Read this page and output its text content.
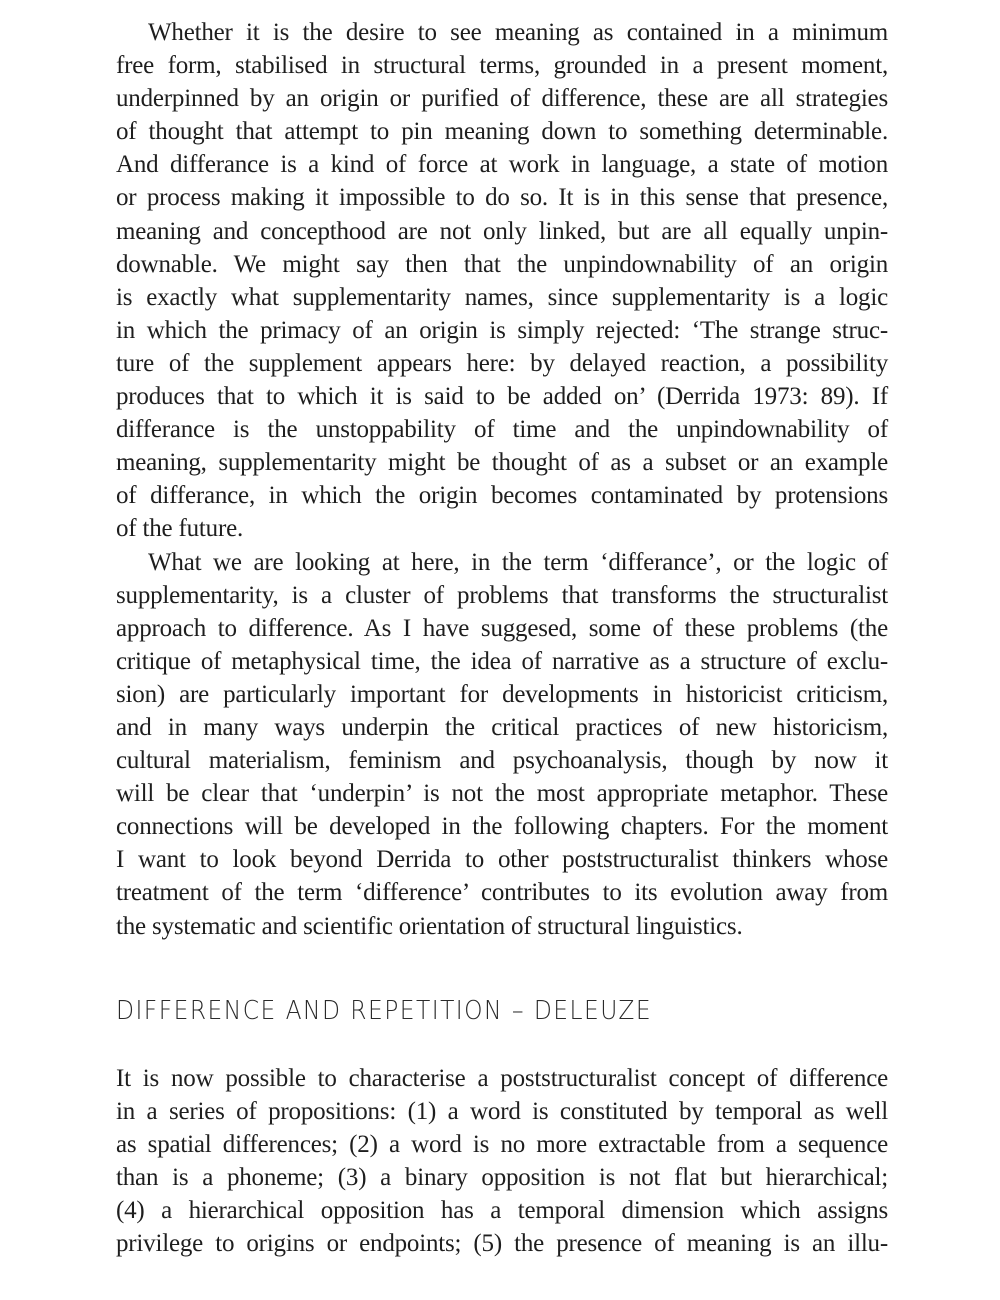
Whether it is the desire to see meaning as contained in a minimum
free form, stabilised in structural terms, grounded in a present moment,
underpinned by an origin or purified of difference, these are all strategies
of thought that attempt to pin meaning down to something determinable.
And differance is a kind of force at work in language, a state of motion
or process making it impossible to do so. It is in this sense that presence,
meaning and concepthood are not only linked, but are all equally unpin-
downable. We might say then that the unpindownability of an origin
is exactly what supplementarity names, since supplementarity is a logic
in which the primacy of an origin is simply rejected: ‘The strange struc-
ture of the supplement appears here: by delayed reaction, a possibility
produces that to which it is said to be added on’ (Derrida 1973: 89). If
differance is the unstoppability of time and the unpindownability of
meaning, supplementarity might be thought of as a subset or an example
of differance, in which the origin becomes contaminated by protensions
of the future.
What we are looking at here, in the term ‘differance’, or the logic of
supplementarity, is a cluster of problems that transforms the structuralist
approach to difference. As I have suggesed, some of these problems (the
critique of metaphysical time, the idea of narrative as a structure of exclu-
sion) are particularly important for developments in historicist criticism,
and in many ways underpin the critical practices of new historicism,
cultural materialism, feminism and psychoanalysis, though by now it
will be clear that ‘underpin’ is not the most appropriate metaphor. These
connections will be developed in the following chapters. For the moment
I want to look beyond Derrida to other poststructuralist thinkers whose
treatment of the term ‘difference’ contributes to its evolution away from
the systematic and scientific orientation of structural linguistics.
DIFFERENCE AND REPETITION – DELEUZE
It is now possible to characterise a poststructuralist concept of difference
in a series of propositions: (1) a word is constituted by temporal as well
as spatial differences; (2) a word is no more extractable from a sequence
than is a phoneme; (3) a binary opposition is not flat but hierarchical;
(4) a hierarchical opposition has a temporal dimension which assigns
privilege to origins or endpoints; (5) the presence of meaning is an illu-
